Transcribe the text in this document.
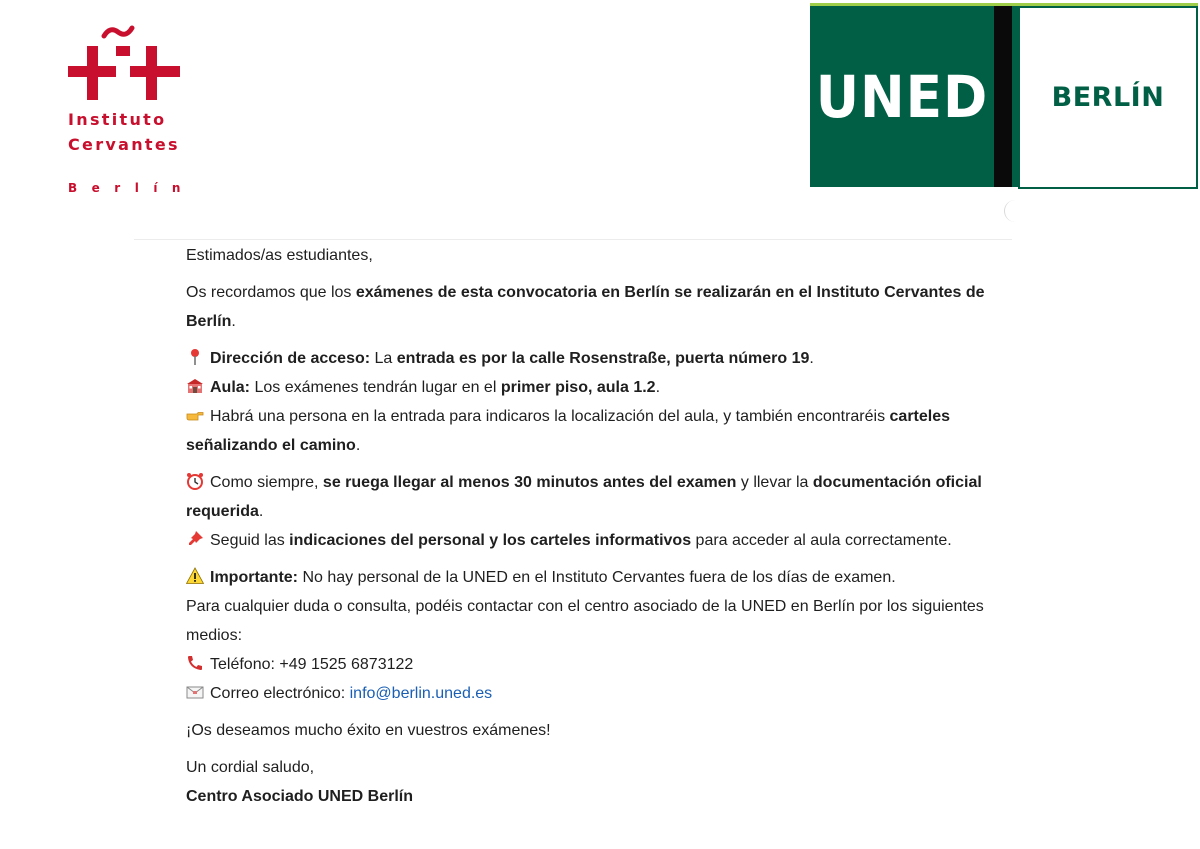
Instituto
Cervantes
Berlín
UNED BERLÍN

Estimados/as estudiantes,

Os recordamos que los exámenes de esta convocatoria en Berlín se realizarán en el Instituto Cervantes de Berlín.

Dirección de acceso: La entrada es por la calle Rosenstraße, puerta número 19.

Aula: Los exámenes tendrán lugar en el primer piso, aula 1.2.

Habrá una persona en la entrada para indicaros la localización del aula, y también encontraréis carteles señalizando el camino.

Como siempre, se ruega llegar al menos 30 minutos antes del examen y llevar la documentación oficial requerida.

Seguid las indicaciones del personal y los carteles informativos para acceder al aula correctamente.

Importante: No hay personal de la UNED en el Instituto Cervantes fuera de los días de examen.

Para cualquier duda o consulta, podéis contactar con el centro asociado de la UNED en Berlín por los siguientes medios:

Teléfono: +49 1525 6873122

Correo electrónico: info@berlin.uned.es

¡Os deseamos mucho éxito en vuestros exámenes!

Un cordial saludo,

Centro Asociado UNED Berlín
